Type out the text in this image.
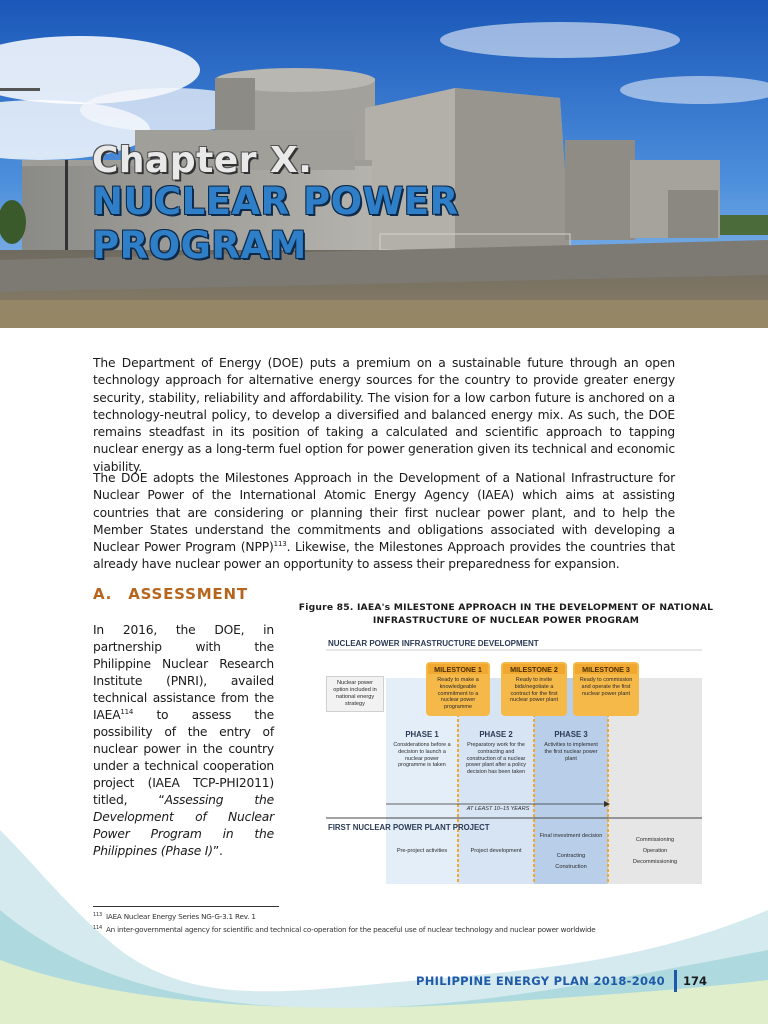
Chapter X.
NUCLEAR POWER PROGRAM

The Department of Energy (DOE) puts a premium on a sustainable future through an open technology approach for alternative energy sources for the country to provide greater energy security, stability, reliability and affordability. The vision for a low carbon future is anchored on a technology-neutral policy, to develop a diversified and balanced energy mix. As such, the DOE remains steadfast in its position of taking a calculated and scientific approach to tapping nuclear energy as a long-term fuel option for power generation given its technical and economic viability.

The DOE adopts the Milestones Approach in the Development of a National Infrastructure for Nuclear Power of the International Atomic Energy Agency (IAEA) which aims at assisting countries that are considering or planning their first nuclear power plant, and to help the Member States understand the commitments and obligations associated with developing a Nuclear Power Program (NPP)$^{113}$. Likewise, the Milestones Approach provides the countries that already have nuclear power an opportunity to assess their preparedness for expansion.

A. ASSESSMENT

In 2016, the DOE, in partnership with the Philippine Nuclear Research Institute (PNRI), availed technical assistance from the IAEA$^{114}$ to assess the possibility of the entry of nuclear power in the country under a technical cooperation project (IAEA TCP-PHI2011) titled, “Assessing the Development of Nuclear Power Program in the Philippines (Phase I)”.

Figure 85. IAEA's MILESTONE APPROACH IN THE DEVELOPMENT OF NATIONAL INFRASTRUCTURE OF NUCLEAR POWER PROGRAM
NUCLEAR POWER INFRASTRUCTURE DEVELOPMENT
Nuclear power option included in national energy strategy
MILESTONE 1
Ready to make a knowledgeable commitment to a nuclear power programme
MILESTONE 2
Ready to invite bids/negotiate a contract for the first nuclear power plant
MILESTONE 3
Ready to commission and operate the first nuclear power plant
PHASE 1
Considerations before a decision to launch a nuclear power programme is taken
PHASE 2
Preparatory work for the contracting and construction of a nuclear power plant after a policy decision has been taken
PHASE 3
Activities to implement the first nuclear power plant
AT LEAST 10–15 YEARS
FIRST NUCLEAR POWER PLANT PROJECT
Pre-project activities	Project development
Final investment decision
Contracting
Construction
Commissioning
Operation
Decommissioning
$^{113}$ IAEA Nuclear Energy Series NG-G-3.1 Rev. 1
$^{114}$ An inter-governmental agency for scientific and technical co-operation for the peaceful use of nuclear technology and nuclear power worldwide
PHILIPPINE ENERGY PLAN 2018-2040 174
